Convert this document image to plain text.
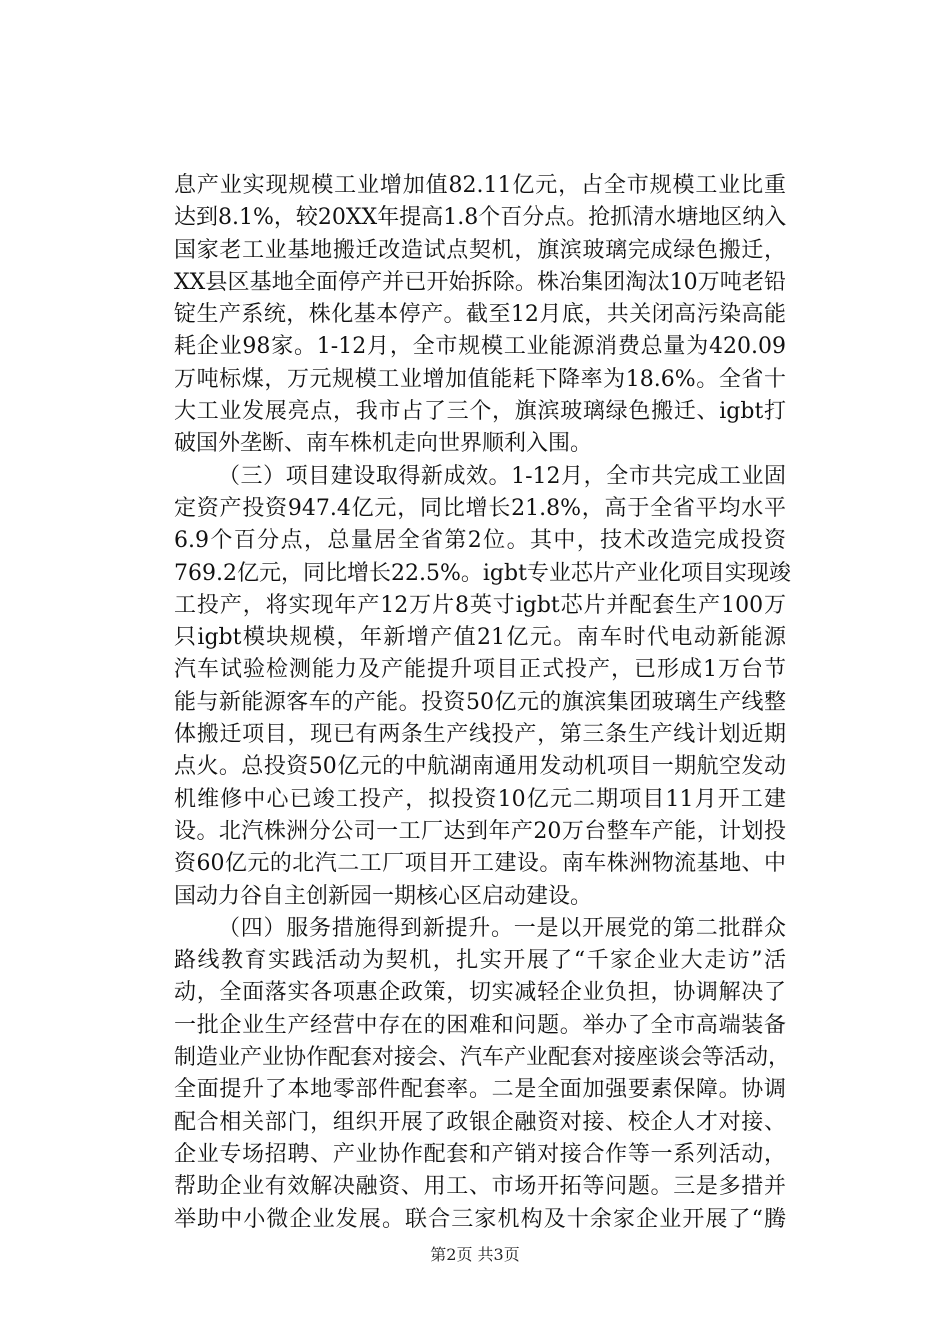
息产业实现规模工业增加值82.11亿元，占全市规模工业比重
达到8.1%，较20XX年提高1.8个百分点。抢抓清水塘地区纳入
国家老工业基地搬迁改造试点契机，旗滨玻璃完成绿色搬迁，
XX县区基地全面停产并已开始拆除。株冶集团淘汰10万吨老铅
锭生产系统，株化基本停产。截至12月底，共关闭高污染高能
耗企业98家。1-12月，全市规模工业能源消费总量为420.09
万吨标煤，万元规模工业增加值能耗下降率为18.6%。全省十
大工业发展亮点，我市占了三个，旗滨玻璃绿色搬迁、igbt打
破国外垄断、南车株机走向世界顺利入围。
（三）项目建设取得新成效。1-12月，全市共完成工业固
定资产投资947.4亿元，同比增长21.8%，高于全省平均水平
6.9个百分点，总量居全省第2位。其中，技术改造完成投资
769.2亿元，同比增长22.5%。igbt专业芯片产业化项目实现竣
工投产，将实现年产12万片8英寸igbt芯片并配套生产100万
只igbt模块规模，年新增产值21亿元。南车时代电动新能源
汽车试验检测能力及产能提升项目正式投产，已形成1万台节
能与新能源客车的产能。投资50亿元的旗滨集团玻璃生产线整
体搬迁项目，现已有两条生产线投产，第三条生产线计划近期
点火。总投资50亿元的中航湖南通用发动机项目一期航空发动
机维修中心已竣工投产，拟投资10亿元二期项目11月开工建
设。北汽株洲分公司一工厂达到年产20万台整车产能，计划投
资60亿元的北汽二工厂项目开工建设。南车株洲物流基地、中
国动力谷自主创新园一期核心区启动建设。
（四）服务措施得到新提升。一是以开展党的第二批群众
路线教育实践活动为契机，扎实开展了“千家企业大走访”活
动，全面落实各项惠企政策，切实减轻企业负担，协调解决了
一批企业生产经营中存在的困难和问题。举办了全市高端装备
制造业产业协作配套对接会、汽车产业配套对接座谈会等活动，
全面提升了本地零部件配套率。二是全面加强要素保障。协调
配合相关部门，组织开展了政银企融资对接、校企人才对接、
企业专场招聘、产业协作配套和产销对接合作等一系列活动，
帮助企业有效解决融资、用工、市场开拓等问题。三是多措并
举助中小微企业发展。联合三家机构及十余家企业开展了“腾
第2页 共3页
